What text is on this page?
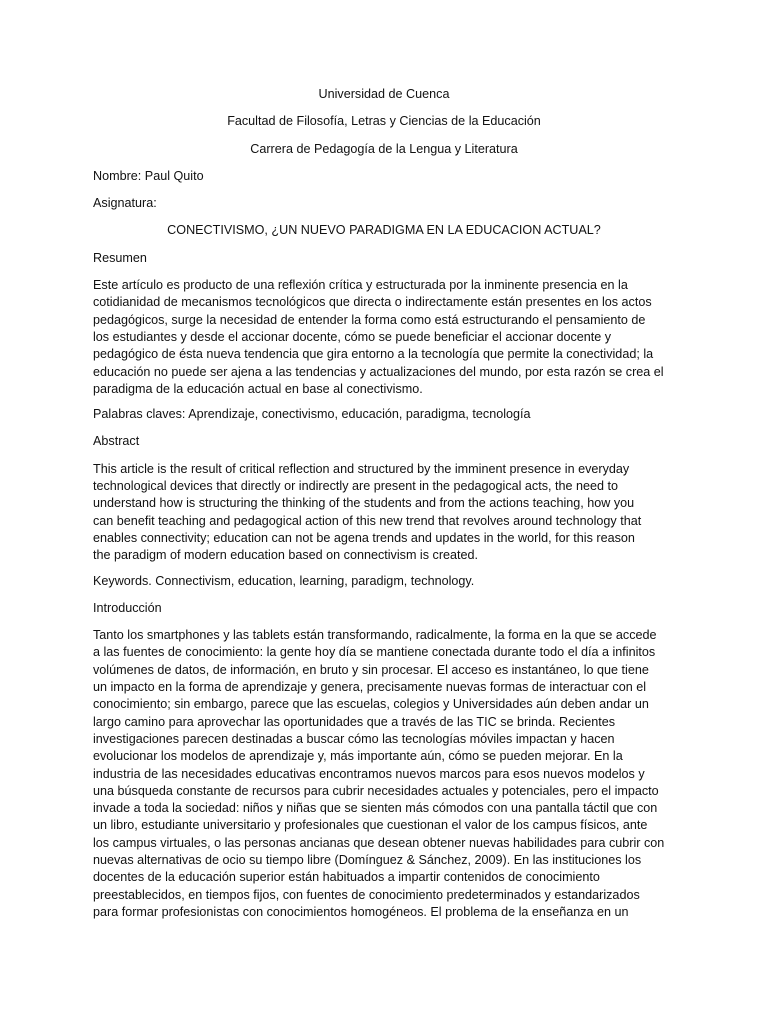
Universidad de Cuenca
Facultad de Filosofía, Letras y Ciencias de la Educación
Carrera de Pedagogía de la Lengua y Literatura
Nombre: Paul Quito
Asignatura:
CONECTIVISMO, ¿UN NUEVO PARADIGMA EN LA EDUCACION ACTUAL?
Resumen
Este artículo es producto de una reflexión crítica y estructurada por la inminente presencia en la
cotidianidad de mecanismos tecnológicos que directa o indirectamente están presentes en los actos
pedagógicos, surge la necesidad de entender la forma como está estructurando el pensamiento de
los estudiantes y desde el accionar docente, cómo se puede beneficiar el accionar docente y
pedagógico de ésta nueva tendencia que gira entorno a la tecnología que permite la conectividad; la
educación no puede ser ajena a las tendencias y actualizaciones del mundo, por esta razón se crea el
paradigma de la educación actual en base al conectivismo.
Palabras claves: Aprendizaje, conectivismo, educación, paradigma, tecnología
Abstract
This article is the result of critical reflection and structured by the imminent presence in everyday
technological devices that directly or indirectly are present in the pedagogical acts, the need to
understand how is structuring the thinking of the students and from the actions teaching, how you
can benefit teaching and pedagogical action of this new trend that revolves around technology that
enables connectivity; education can not be agena trends and updates in the world, for this reason
the paradigm of modern education based on connectivism is created.
Keywords. Connectivism, education, learning, paradigm, technology.
Introducción
Tanto los smartphones y las tablets están transformando, radicalmente, la forma en la que se accede
a las fuentes de conocimiento: la gente hoy día se mantiene conectada durante todo el día a infinitos
volúmenes de datos, de información, en bruto y sin procesar. El acceso es instantáneo, lo que tiene
un impacto en la forma de aprendizaje y genera, precisamente nuevas formas de interactuar con el
conocimiento; sin embargo, parece que las escuelas, colegios y Universidades aún deben andar un
largo camino para aprovechar las oportunidades que a través de las TIC se brinda. Recientes
investigaciones parecen destinadas a buscar cómo las tecnologías móviles impactan y hacen
evolucionar los modelos de aprendizaje y, más importante aún, cómo se pueden mejorar. En la
industria de las necesidades educativas encontramos nuevos marcos para esos nuevos modelos y
una búsqueda constante de recursos para cubrir necesidades actuales y potenciales, pero el impacto
invade a toda la sociedad: niños y niñas que se sienten más cómodos con una pantalla táctil que con
un libro, estudiante universitario y profesionales que cuestionan el valor de los campus físicos, ante
los campus virtuales, o las personas ancianas que desean obtener nuevas habilidades para cubrir con
nuevas alternativas de ocio su tiempo libre (Domínguez & Sánchez, 2009). En las instituciones los
docentes de la educación superior están habituados a impartir contenidos de conocimiento
preestablecidos, en tiempos fijos, con fuentes de conocimiento predeterminados y estandarizados
para formar profesionistas con conocimientos homogéneos. El problema de la enseñanza en un
